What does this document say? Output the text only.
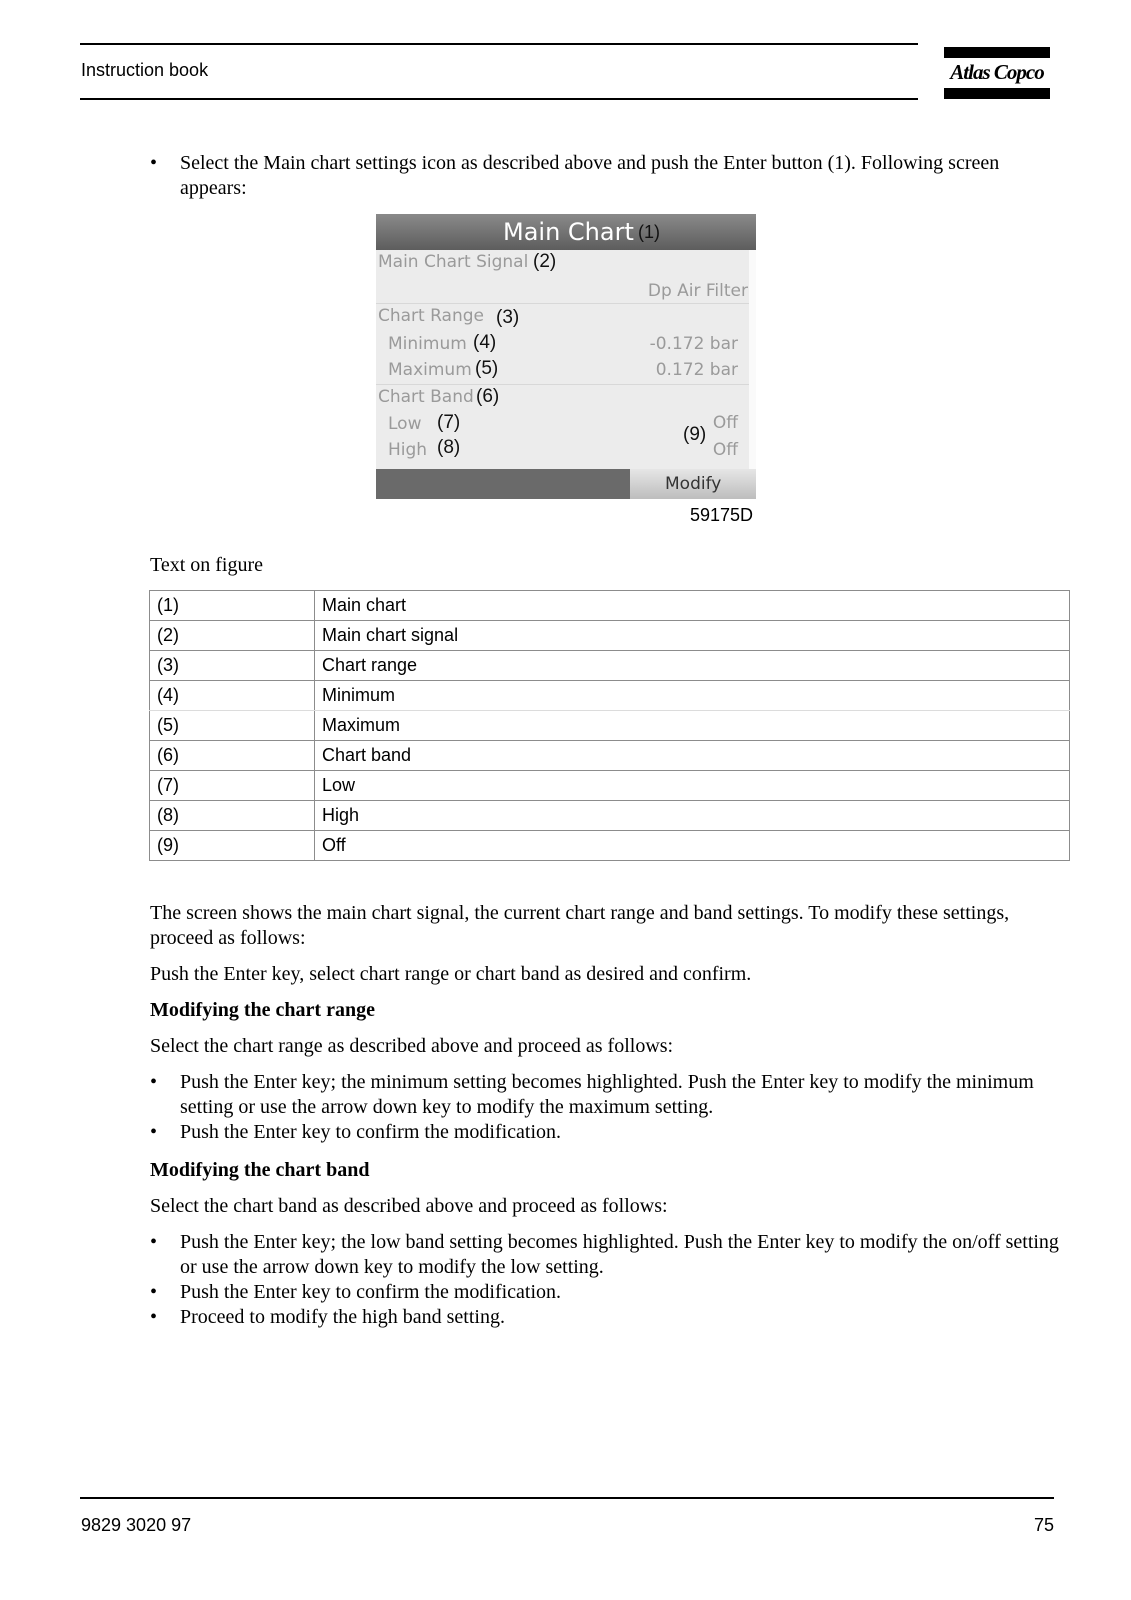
Instruction book	Atlas Copco
• Select the Main chart settings icon as described above and push the Enter button (1). Following screen appears:
Main Chart (1)
Main Chart Signal (2)
Dp Air Filter
Chart Range (3)
Minimum (4)	-0.172 bar
Maximum (5)	0.172 bar
Chart Band (6)
Low (7)	Off
(9)
High (8)	Off
Modify
59175D
Text on figure
(1)	Main chart
(2)	Main chart signal
(3)	Chart range
(4)	Minimum
(5)	Maximum
(6)	Chart band
(7)	Low
(8)	High
(9)	Off
The screen shows the main chart signal, the current chart range and band settings. To modify these settings, proceed as follows:
Push the Enter key, select chart range or chart band as desired and confirm.
Modifying the chart range
Select the chart range as described above and proceed as follows:
• Push the Enter key; the minimum setting becomes highlighted. Push the Enter key to modify the minimum setting or use the arrow down key to modify the maximum setting.
• Push the Enter key to confirm the modification.
Modifying the chart band
Select the chart band as described above and proceed as follows:
• Push the Enter key; the low band setting becomes highlighted. Push the Enter key to modify the on/off setting or use the arrow down key to modify the low setting.
• Push the Enter key to confirm the modification.
• Proceed to modify the high band setting.
9829 3020 97	75
